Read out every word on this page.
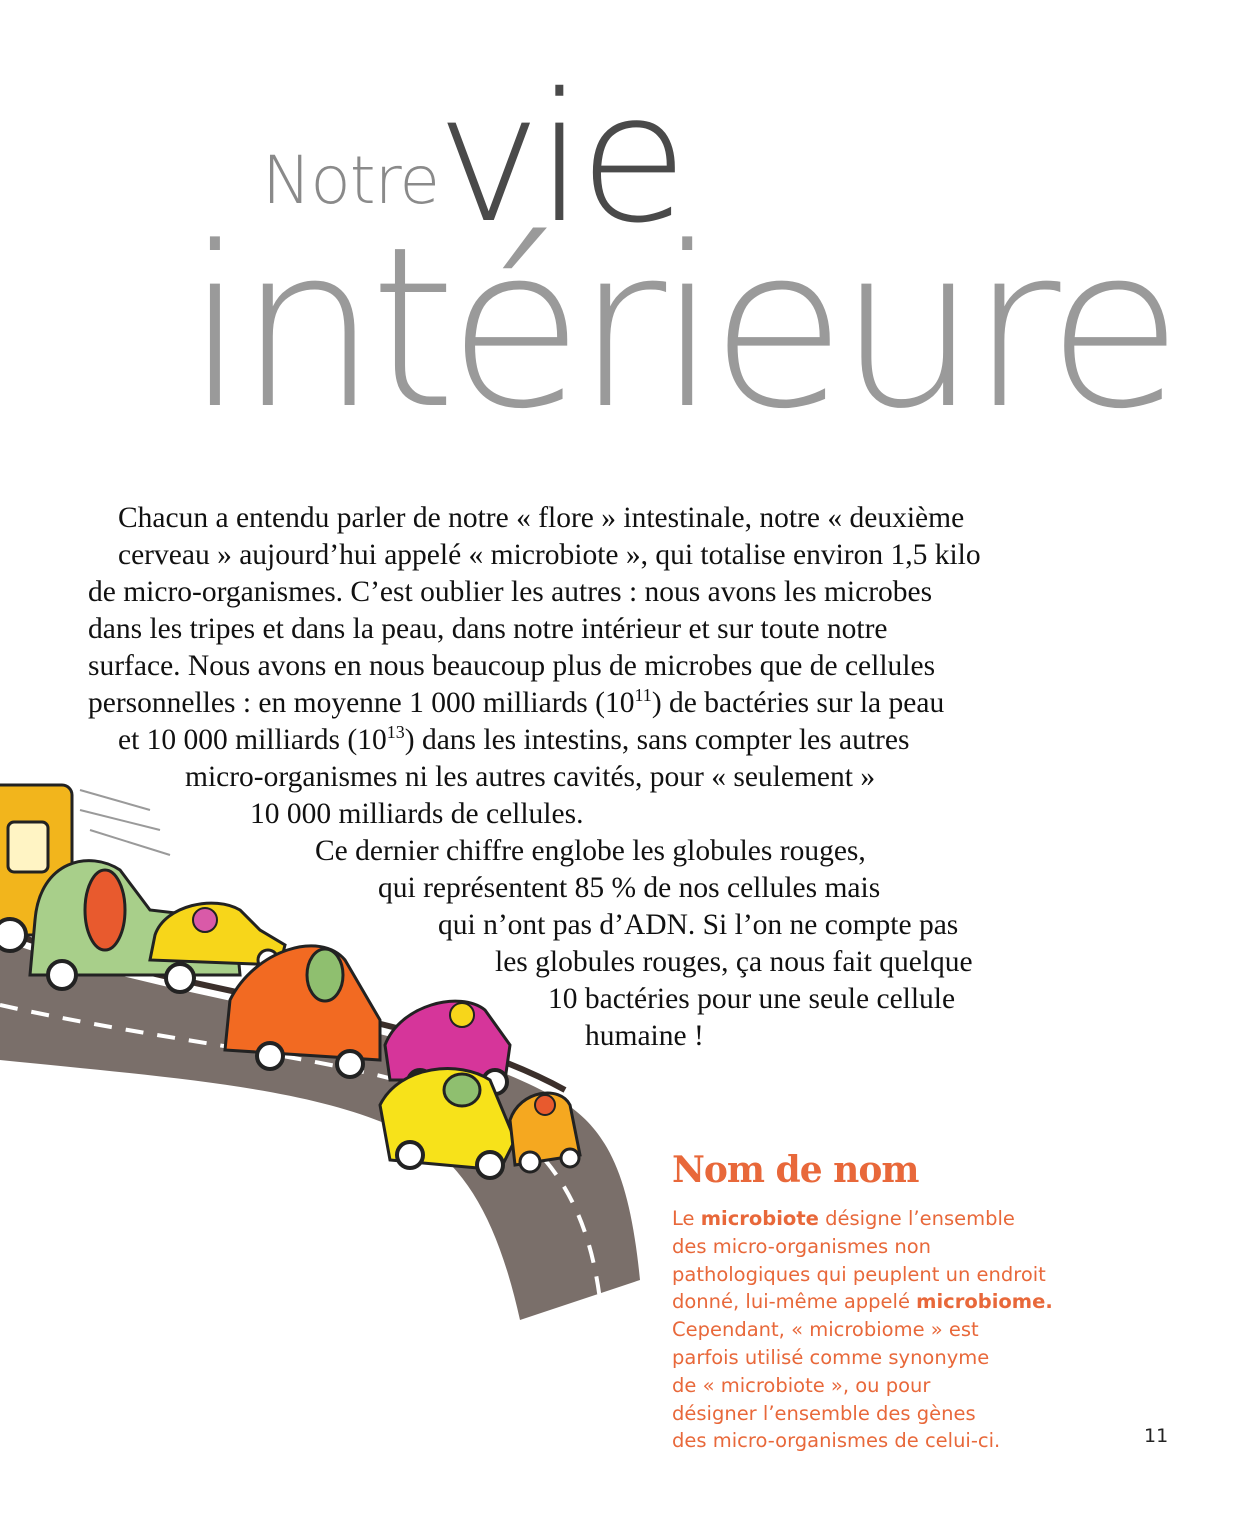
Notre
vie
intérieure
Chacun a entendu parler de notre « flore » intestinale, notre « deuxième
cerveau » aujourd’hui appelé « microbiote », qui totalise environ 1,5 kilo
de micro-organismes. C’est oublier les autres : nous avons les microbes
dans les tripes et dans la peau, dans notre intérieur et sur toute notre
surface. Nous avons en nous beaucoup plus de microbes que de cellules
personnelles : en moyenne 1 000 milliards $(10^{11})$ de bactéries sur la peau
et 10 000 milliards $(10^{13})$ dans les intestins, sans compter les autres
micro-organismes ni les autres cavités, pour « seulement »
10 000 milliards de cellules.
Ce dernier chiffre englobe les globules rouges,
qui représentent 85 % de nos cellules mais
qui n’ont pas d’ADN. Si l’on ne compte pas
les globules rouges, ça nous fait quelque
10 bactéries pour une seule cellule
humaine !
Nom de nom
Le microbiote désigne l’ensemble
des micro-organismes non
pathologiques qui peuplent un endroit
donné, lui-même appelé microbiome.
Cependant, « microbiome » est
parfois utilisé comme synonyme
de « microbiote », ou pour
désigner l’ensemble des gènes
des micro-organismes de celui-ci.	11
